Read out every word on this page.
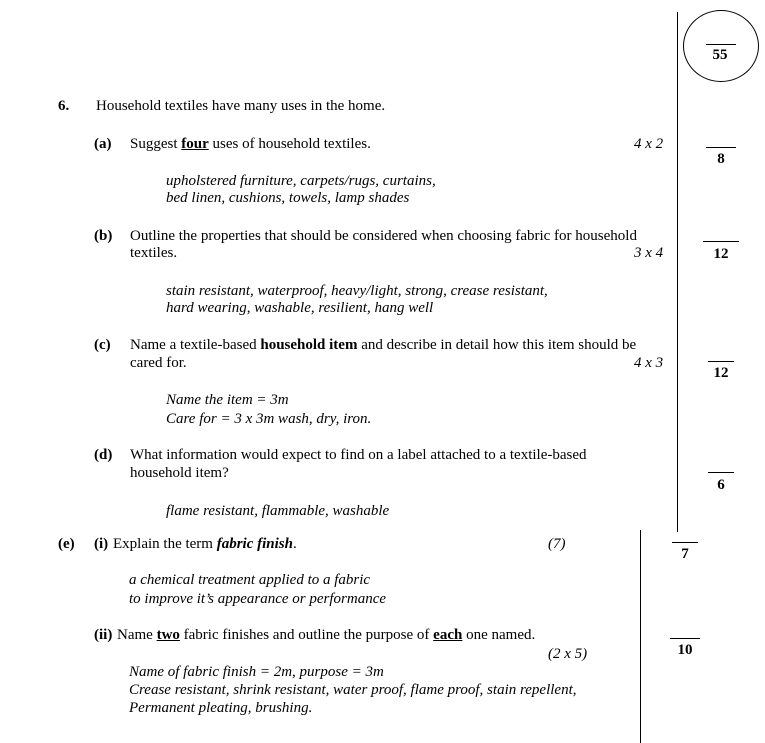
55
6. Household textiles have many uses in the home.
(a) Suggest four uses of household textiles.	4 x 2
upholstered furniture, carpets/rugs, curtains,
bed linen, cushions, towels, lamp shades
8
(b) Outline the properties that should be considered when choosing fabric for household
textiles.	3 x 4
stain resistant, waterproof, heavy/light, strong, crease resistant,
hard wearing, washable, resilient, hang well
12
(c) Name a textile-based household item and describe in detail how this item should be
cared for.	4 x 3
Name the item = 3m
Care for = 3 x 3m wash, dry, iron.
12
(d) What information would expect to find on a label attached to a textile-based
household item?
flame resistant, flammable, washable
6
(e) (i) Explain the term fabric finish.	(7)
a chemical treatment applied to a fabric
to improve it’s appearance or performance
7
(ii) Name two fabric finishes and outline the purpose of each one named.
(2 x 5)
Name of fabric finish = 2m, purpose = 3m
Crease resistant, shrink resistant, water proof, flame proof, stain repellent,
Permanent pleating, brushing.
10
